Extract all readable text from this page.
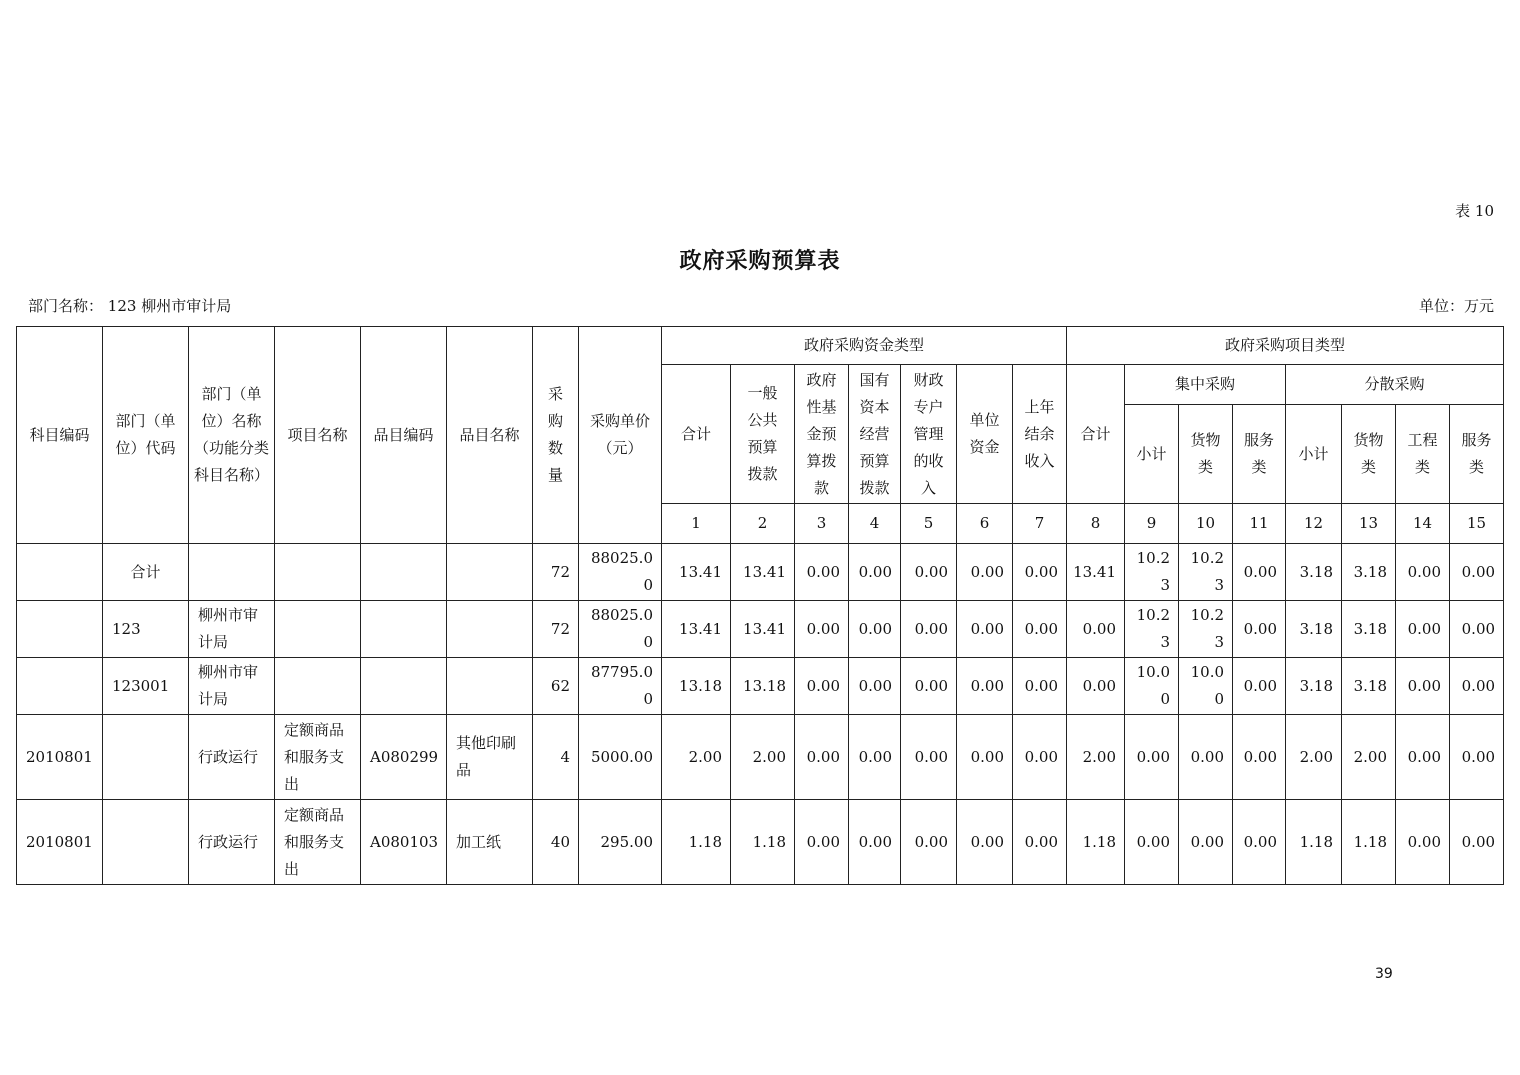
表 10
政府采购预算表
部门名称： 123 柳州市审计局	单位：万元
科目编码	部门（单位）代码	部门（单位）名称（功能分类科目名称）	项目名称	品目编码	品目名称	采购数量	采购单价（元）	政府采购资金类型							政府采购项目类型							
								合计	一般公共预算拨款	政府性基金预算拨款	国有资本经营预算拨款	财政专户管理的收入	单位资金	上年结余收入	合计	集中采购			分散采购			
																小计	货物类	服务类	小计	货物类	工程类	服务类
								1	2	3	4	5	6	7	8	9	10	11	12	13	14	15
	合计					72	88025.00	13.41	13.41	0.00	0.00	0.00	0.00	0.00	13.41	10.23	10.23	0.00	3.18	3.18	0.00	0.00
	123	柳州市审计局				72	88025.00	13.41	13.41	0.00	0.00	0.00	0.00	0.00	0.00	10.23	10.23	0.00	3.18	3.18	0.00	0.00
	123001	柳州市审计局				62	87795.00	13.18	13.18	0.00	0.00	0.00	0.00	0.00	0.00	10.00	10.00	0.00	3.18	3.18	0.00	0.00
2010801		行政运行	定额商品和服务支出	A080299	其他印刷品	4	5000.00	2.00	2.00	0.00	0.00	0.00	0.00	0.00	2.00	0.00	0.00	0.00	2.00	2.00	0.00	0.00
2010801		行政运行	定额商品和服务支出	A080103	加工纸	40	295.00	1.18	1.18	0.00	0.00	0.00	0.00	0.00	1.18	0.00	0.00	0.00	1.18	1.18	0.00	0.00
39
